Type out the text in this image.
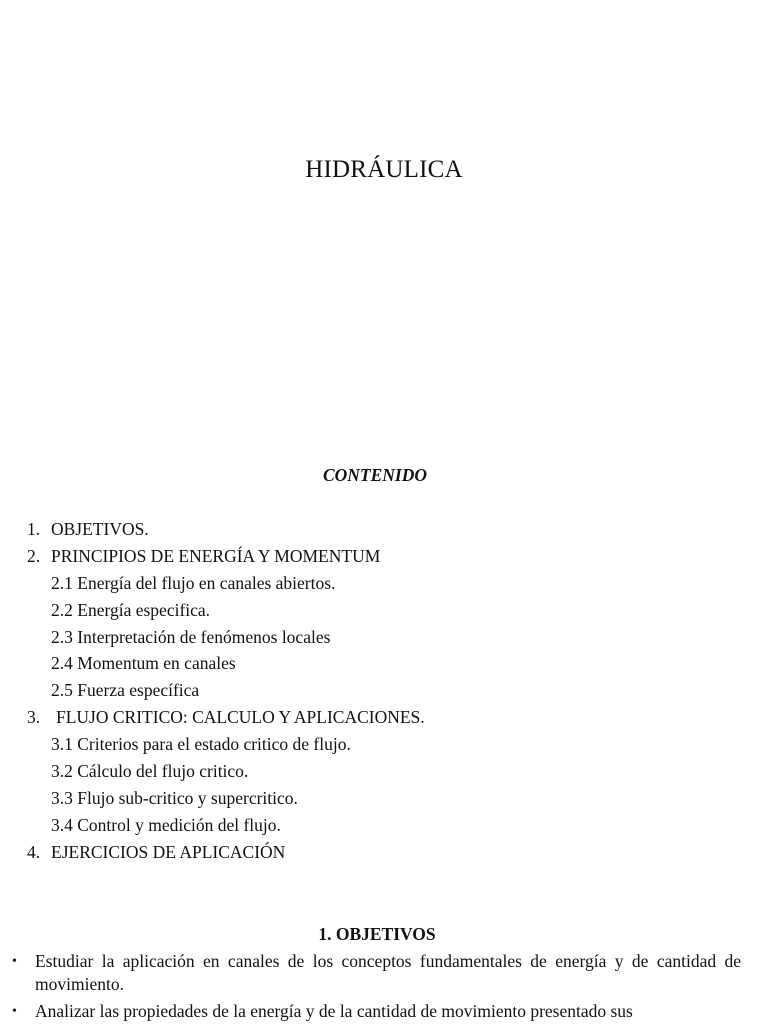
HIDRÁULICA
CONTENIDO
1. OBJETIVOS.
2. PRINCIPIOS DE ENERGÍA Y MOMENTUM
2.1 Energía del flujo en canales abiertos.
2.2 Energía especifica.
2.3 Interpretación de fenómenos locales
2.4 Momentum en canales
2.5 Fuerza específica
3. FLUJO CRITICO: CALCULO Y APLICACIONES.
3.1 Criterios para el estado critico de flujo.
3.2 Cálculo del flujo critico.
3.3 Flujo sub-critico y supercritico.
3.4 Control y medición del flujo.
4. EJERCICIOS DE APLICACIÓN
1. OBJETIVOS
• Estudiar la aplicación en canales de los conceptos fundamentales de energía y de cantidad de movimiento.
• Analizar las propiedades de la energía y de la cantidad de movimiento presentado sus
